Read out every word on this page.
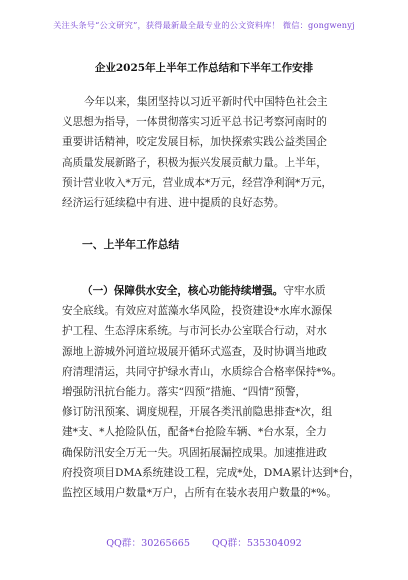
关注头条号“公文研究”，获得最新最全最专业的公文资料库！ 微信：gongwenyj
企业2025年上半年工作总结和下半年工作安排

今年以来，集团坚持以习近平新时代中国特色社会主
义思想为指导，一体贯彻落实习近平总书记考察河南时的
重要讲话精神，咬定发展目标，加快探索实践公益类国企
高质量发展新路子，积极为振兴发展贡献力量。上半年，
预计营业收入*万元，营业成本*万元，经营净利润*万元，
经济运行延续稳中有进、进中提质的良好态势。

一、上半年工作总结

（一）保障供水安全，核心功能持续增强。守牢水质
安全底线。有效应对蓝藻水华风险，投资建设*水库水源保
护工程、生态浮床系统。与市河长办公室联合行动，对水
源地上游城外河道垃圾展开循环式巡查，及时协调当地政
府清理清运，共同守护绿水青山，水质综合合格率保持*%。
增强防汛抗台能力。落实“四预”措施、“四情”预警，
修订防汛预案、调度规程，开展各类汛前隐患排查*次，组
建*支、*人抢险队伍，配备*台抢险车辆、*台水泵，全力
确保防汛安全万无一失。巩固拓展漏控成果。加速推进政
府投资项目DMA系统建设工程，完成*处，DMA累计达到*台，
监控区域用户数量*万户，占所有在装水表用户数量的*%。

QQ群：30265665 QQ群：535304092
